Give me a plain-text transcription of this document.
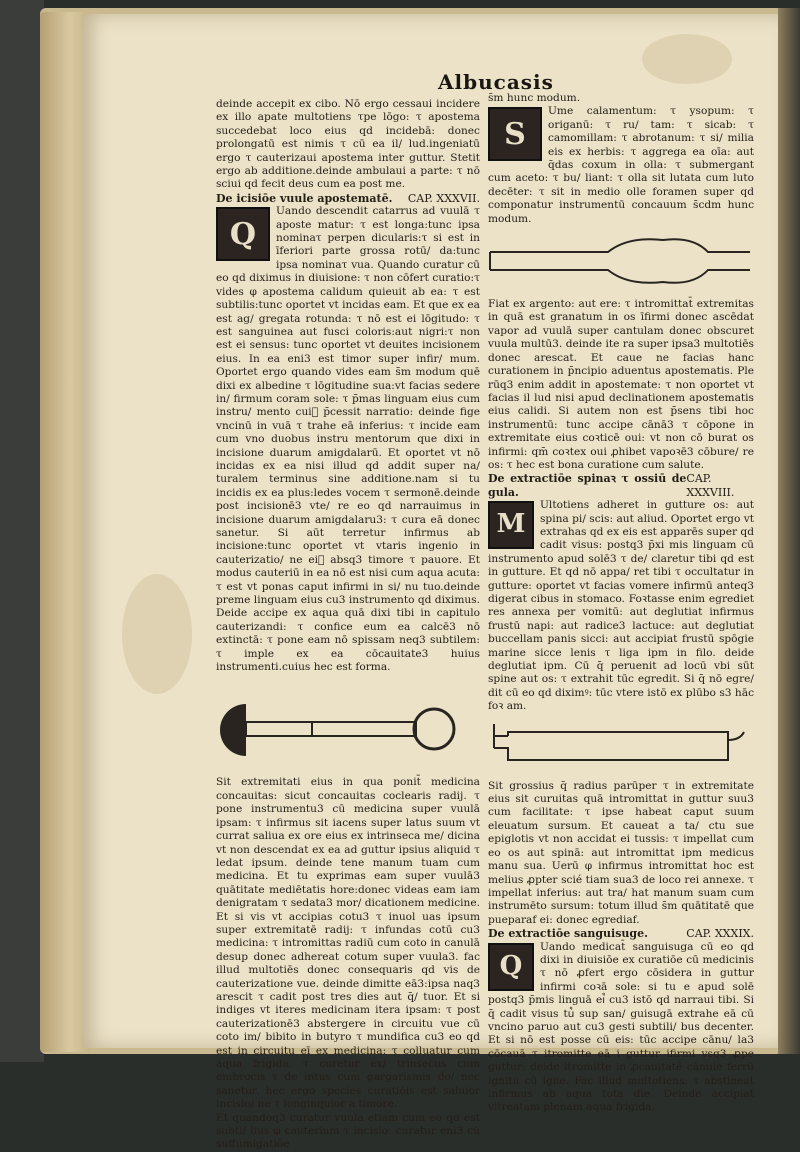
Albucasis

deinde accepit ex cibo. Nō ergo cessaui incidere ex illo apate multotiens τpe lōgo: τ apostema succedebat loco eius qd incidebā: donec prolongatū est nimis τ cū ea il/ lud.ingeniatū ergo τ cauterizaui apostema inter guttur. Stetit ergo ab additione.deinde ambulaui a parte: τ nō sciui qd fecit deus cum ea post me.

De icisiōe vuule apostematē. CAP. XXXVII.
Q

Uando descendit catarrus ad vuulā τ aposte matur: τ est longa:tunc ipsa nominaτ perpen dicularis:τ si est in īferiori parte grossa rotū/ da:tunc ipsa nominaτ vua. Quando curatur cū eo qd diximus in diuisione: τ non cōfert curatio:τ vides φ apostema calidum quieuit ab ea: τ est subtilis:tunc oportet vt incidas eam. Et que ex ea est ag/ gregata rotunda: τ nō est ei lōgitudo: τ est sanguinea aut fusci coloris:aut nigri:τ non est ei sensus: tunc oportet vt deuites incisionem eius. In ea eni3 est timor super infir/ mum. Oportet ergo quando vides eam s̄m modum quē dixi ex albedine τ lōgitudine sua:vt facias sedere in/ firmum coram sole: τ p̄mas linguam eius cum instru/ mento cui᷒ p̄cessit narratio: deinde fige vncinū in vuā τ trahe eā inferius: τ incide eam cum vno duobus instru mentorum que dixi in incisione duarum amigdalarū. Et oportet vt nō incidas ex ea nisi illud qd addit super na/ turalem terminus sine additione.nam si tu incidis ex ea plus:ledes vocem τ sermonē.deinde post incisionē3 vte/ re eo qd narrauimus in incisione duarum amigdalaru3: τ cura eā donec sanetur. Si aūt terretur infirmus ab incisione:tunc oportet vt vtaris ingenio in cauterizatio/ ne ei᷒ absq3 timore τ pauore. Et modus cauteriū in ea nō est nisi cum aqua acuta: τ est vt ponas caput infirmi in si/ nu tuo.deinde preme linguam eius cu3 instrumento qd diximus. Deide accipe ex aqua quā dixi tibi in capitulo cauterizandi: τ confice eum ea calcē3 nō extinctā: τ pone eam nō spissam neq3 subtilem: τ imple ex ea cōcauitate3 huius instrumenti.cuius hec est forma.

Sit extremitati eius in qua ponit̄ medicina concauitas: sicut concauitas coclearis radij. τ pone instrumentu3 cū medicina super vuulā ipsam: τ infirmus sit iacens super latus suum vt currat saliua ex ore eius ex intrinseca me/ dicina vt non descendat ex ea ad guttur ipsius aliquid τ ledat ipsum. deinde tene manum tuam cum medicina. Et tu exprimas eam super vuulā3 quātitate mediētatis hore:donec videas eam iam denigratam τ sedata3 mor/ dicationem medicine. Et si vis vt accipias cotu3 τ inuol uas ipsum super extremitatē radij: τ infundas cotū cu3 medicina: τ intromittas radiū cum coto in canulā desup donec adhereat cotum super vuula3. fac illud multotiēs donec consequaris qd vis de cauterizatione vue. deinde dimitte eā3:ipsa naq3 arescit τ cadit post tres dies aut q̄/ tuor. Et si indiges vt iteres medicinam itera ipsam: τ post cauterizationē3 abstergere in circuitu vue cū coto im/ bibito in butyro τ mundifica cu3 eo qd est in circuitu eī ex medicina: τ colluatur cum aqua frigida. τ curetur ex/ trinsecus cum embrocis τ de intus cum gargarismis do/ nec sanetur. hec ergo species curatiōis est saluior incisio/ ne τ longinquior a timore.

Et quandoq3 curatur vuula etiam cum eo qd est subti/ lius φ cauterium τ incisio: curatur eni3 cū suffumigatiōe

s̄m hunc modum.

S

Ume calamentum: τ ysopum: τ origanū: τ ru/ tam: τ sicab: τ camomillam: τ abrotanum: τ si/ milia eis ex herbis: τ aggrega ea oīa: aut q̄das coxum in olla: τ submergant cum aceto: τ bu/ liant: τ olla sit lutata cum luto decēter: τ sit in medio olle foramen super qd componatur instrumentū concauum s̄cdm hunc modum.

Fiat ex argento: aut ere: τ intromittat̄ extremitas in quā est granatum in os īfirmi donec ascēdat vapor ad vuulā super cantulam donec obscuret vuula multū3. deinde ite ra super ipsa3 multotiēs donec arescat. Et caue ne facias hanc curationem in p̄ncipio aduentus apostematis. Ple rūq3 enim addit in apostemate: τ non oportet vt facias il lud nisi apud declinationem apostematis eius calidi. Si autem non est p̄sens tibi hoc instrumentū: tunc accipe cānā3 τ cōpone in extremitate eius coꝛticē oui: vt non cō burat os infirmi: qm̄ coꝛtex oui ꝓhibet vapoꝛē3 cōbure/ re os: τ hec est bona curatione cum salute.

De extractiōe spinaꝛ τ ossiū de gula.
CAP. XXXVIII.
M

Ultotiens adheret in gutture os: aut spina pi/ scis: aut aliud. Oportet ergo vt extrahas qd ex eis est apparēs super qd cadit visus: postq3 p̄xi mis linguam cū instrumento apud solē3 τ de/ claretur tibi qd est in gutture. Et qd nō appa/ ret tibi τ occultatur in gutture: oportet vt facias vomere infirmū anteq3 digerat cibus in stomaco. Foꝛtasse enim egrediet res annexa per vomitū: aut deglutiat infirmus frustū napi: aut radice3 lactuce: aut deglutiat buccellam panis sicci: aut accipiat frustū spōgie marine sicce lenis τ liga ipm in filo. deide deglutiat ipm. Cū q̄ peruenit ad locū vbi sūt spine aut os: τ extrahit tūc egredit. Si q̄ nō egre/ dit cū eo qd diximꝰ: tūc vtere istō ex plūbo s3 hāc foꝛ am.

Sit grossius q̄ radius parūper τ in extremitate eius sit curuitas quā intromittat in guttur suu3 cum facilitate: τ ipse habeat caput suum eleuatum sursum. Et caueat a ta/ ctu sue epiglotis vt non accidat ei tussis: τ impellat cum eo os aut spinā: aut intromittat ipm medicus manu sua. Uerū φ infirmus intromittat hoc est melius ꝓpter scié tiam sua3 de loco rei annexe. τ impellat inferius: aut tra/ hat manum suam cum instrumēto sursum: totum illud s̄m quātitatē que pueparaf ei: donec egrediaf.

De extractiōe sanguisuge.	CAP. XXXIX.
Q

Uando medicat̄ sanguisuga cū eo qd dixi in diuisiōe ex curatiōe cū medicinis τ nō ꝓfert ergo cōsidera in guttur infirmi coꝛā sole: si tu e apud solē postq3 p̄mis linguā ei᷒ cu3 istō qd narraui tibi. Si q̄ cadit visus tu᷒ sup san/ guisugā extrahe eā cū vncino paruo aut cu3 gesti subtili/ bus decenter. Et si nō est posse cū eis: tūc accipe cānu/ la3 cōcauā τ itromitte eā i guttur ifirmi vsq3 ꝓpe guttur: deide itromitte in ꝓcauitatē cānule ferrū ignitū cū igne. Fac illud multotiens: τ abstineat infirmus ab aqua tota die. Deinde accipiat vitreatam plenam aqua frigida.
